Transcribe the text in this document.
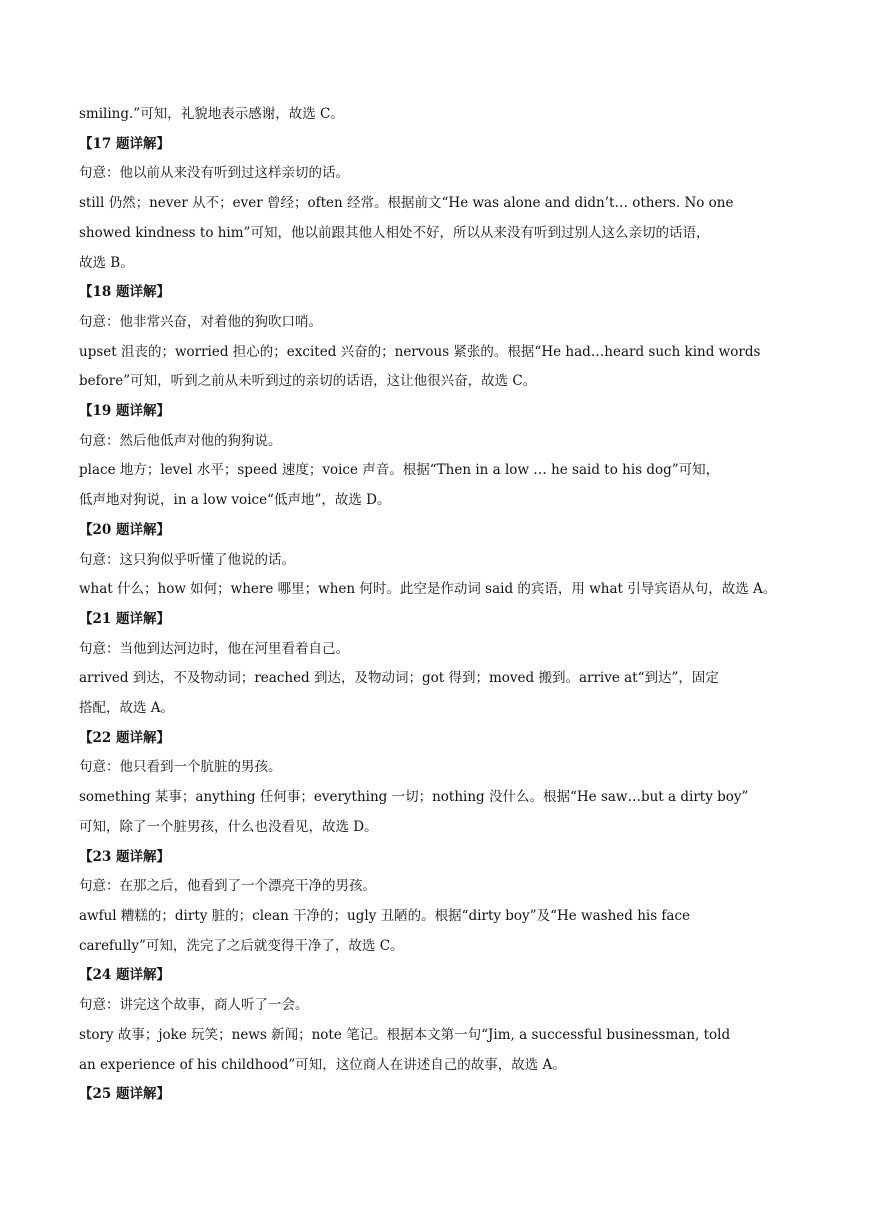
smiling.”可知，礼貌地表示感谢，故选 C。
【17 题详解】
句意：他以前从来没有听到过这样亲切的话。
still 仍然；never 从不；ever 曾经；often 经常。根据前文“He was alone and didn’t… others. No one
showed kindness to him”可知，他以前跟其他人相处不好，所以从来没有听到过别人这么亲切的话语，
故选 B。
【18 题详解】
句意：他非常兴奋，对着他的狗吹口哨。
upset 沮丧的；worried 担心的；excited 兴奋的；nervous 紧张的。根据“He had…heard such kind words
before”可知，听到之前从未听到过的亲切的话语，这让他很兴奋，故选 C。
【19 题详解】
句意：然后他低声对他的狗狗说。
place 地方；level 水平；speed 速度；voice 声音。根据“Then in a low … he said to his dog”可知，
低声地对狗说，in a low voice“低声地”，故选 D。
【20 题详解】
句意：这只狗似乎听懂了他说的话。
what 什么；how 如何；where 哪里；when 何时。此空是作动词 said 的宾语，用 what 引导宾语从句，故选 A。
【21 题详解】
句意：当他到达河边时，他在河里看着自己。
arrived 到达，不及物动词；reached 到达，及物动词；got 得到；moved 搬到。arrive at“到达”，固定
搭配，故选 A。
【22 题详解】
句意：他只看到一个肮脏的男孩。
something 某事；anything 任何事；everything 一切；nothing 没什么。根据“He saw…but a dirty boy”
可知，除了一个脏男孩，什么也没看见，故选 D。
【23 题详解】
句意：在那之后，他看到了一个漂亮干净的男孩。
awful 糟糕的；dirty 脏的；clean 干净的；ugly 丑陋的。根据“dirty boy”及“He washed his face
carefully”可知，洗完了之后就变得干净了，故选 C。
【24 题详解】
句意：讲完这个故事，商人听了一会。
story 故事；joke 玩笑；news 新闻；note 笔记。根据本文第一句“Jim, a successful businessman, told
an experience of his childhood”可知，这位商人在讲述自己的故事，故选 A。
【25 题详解】
